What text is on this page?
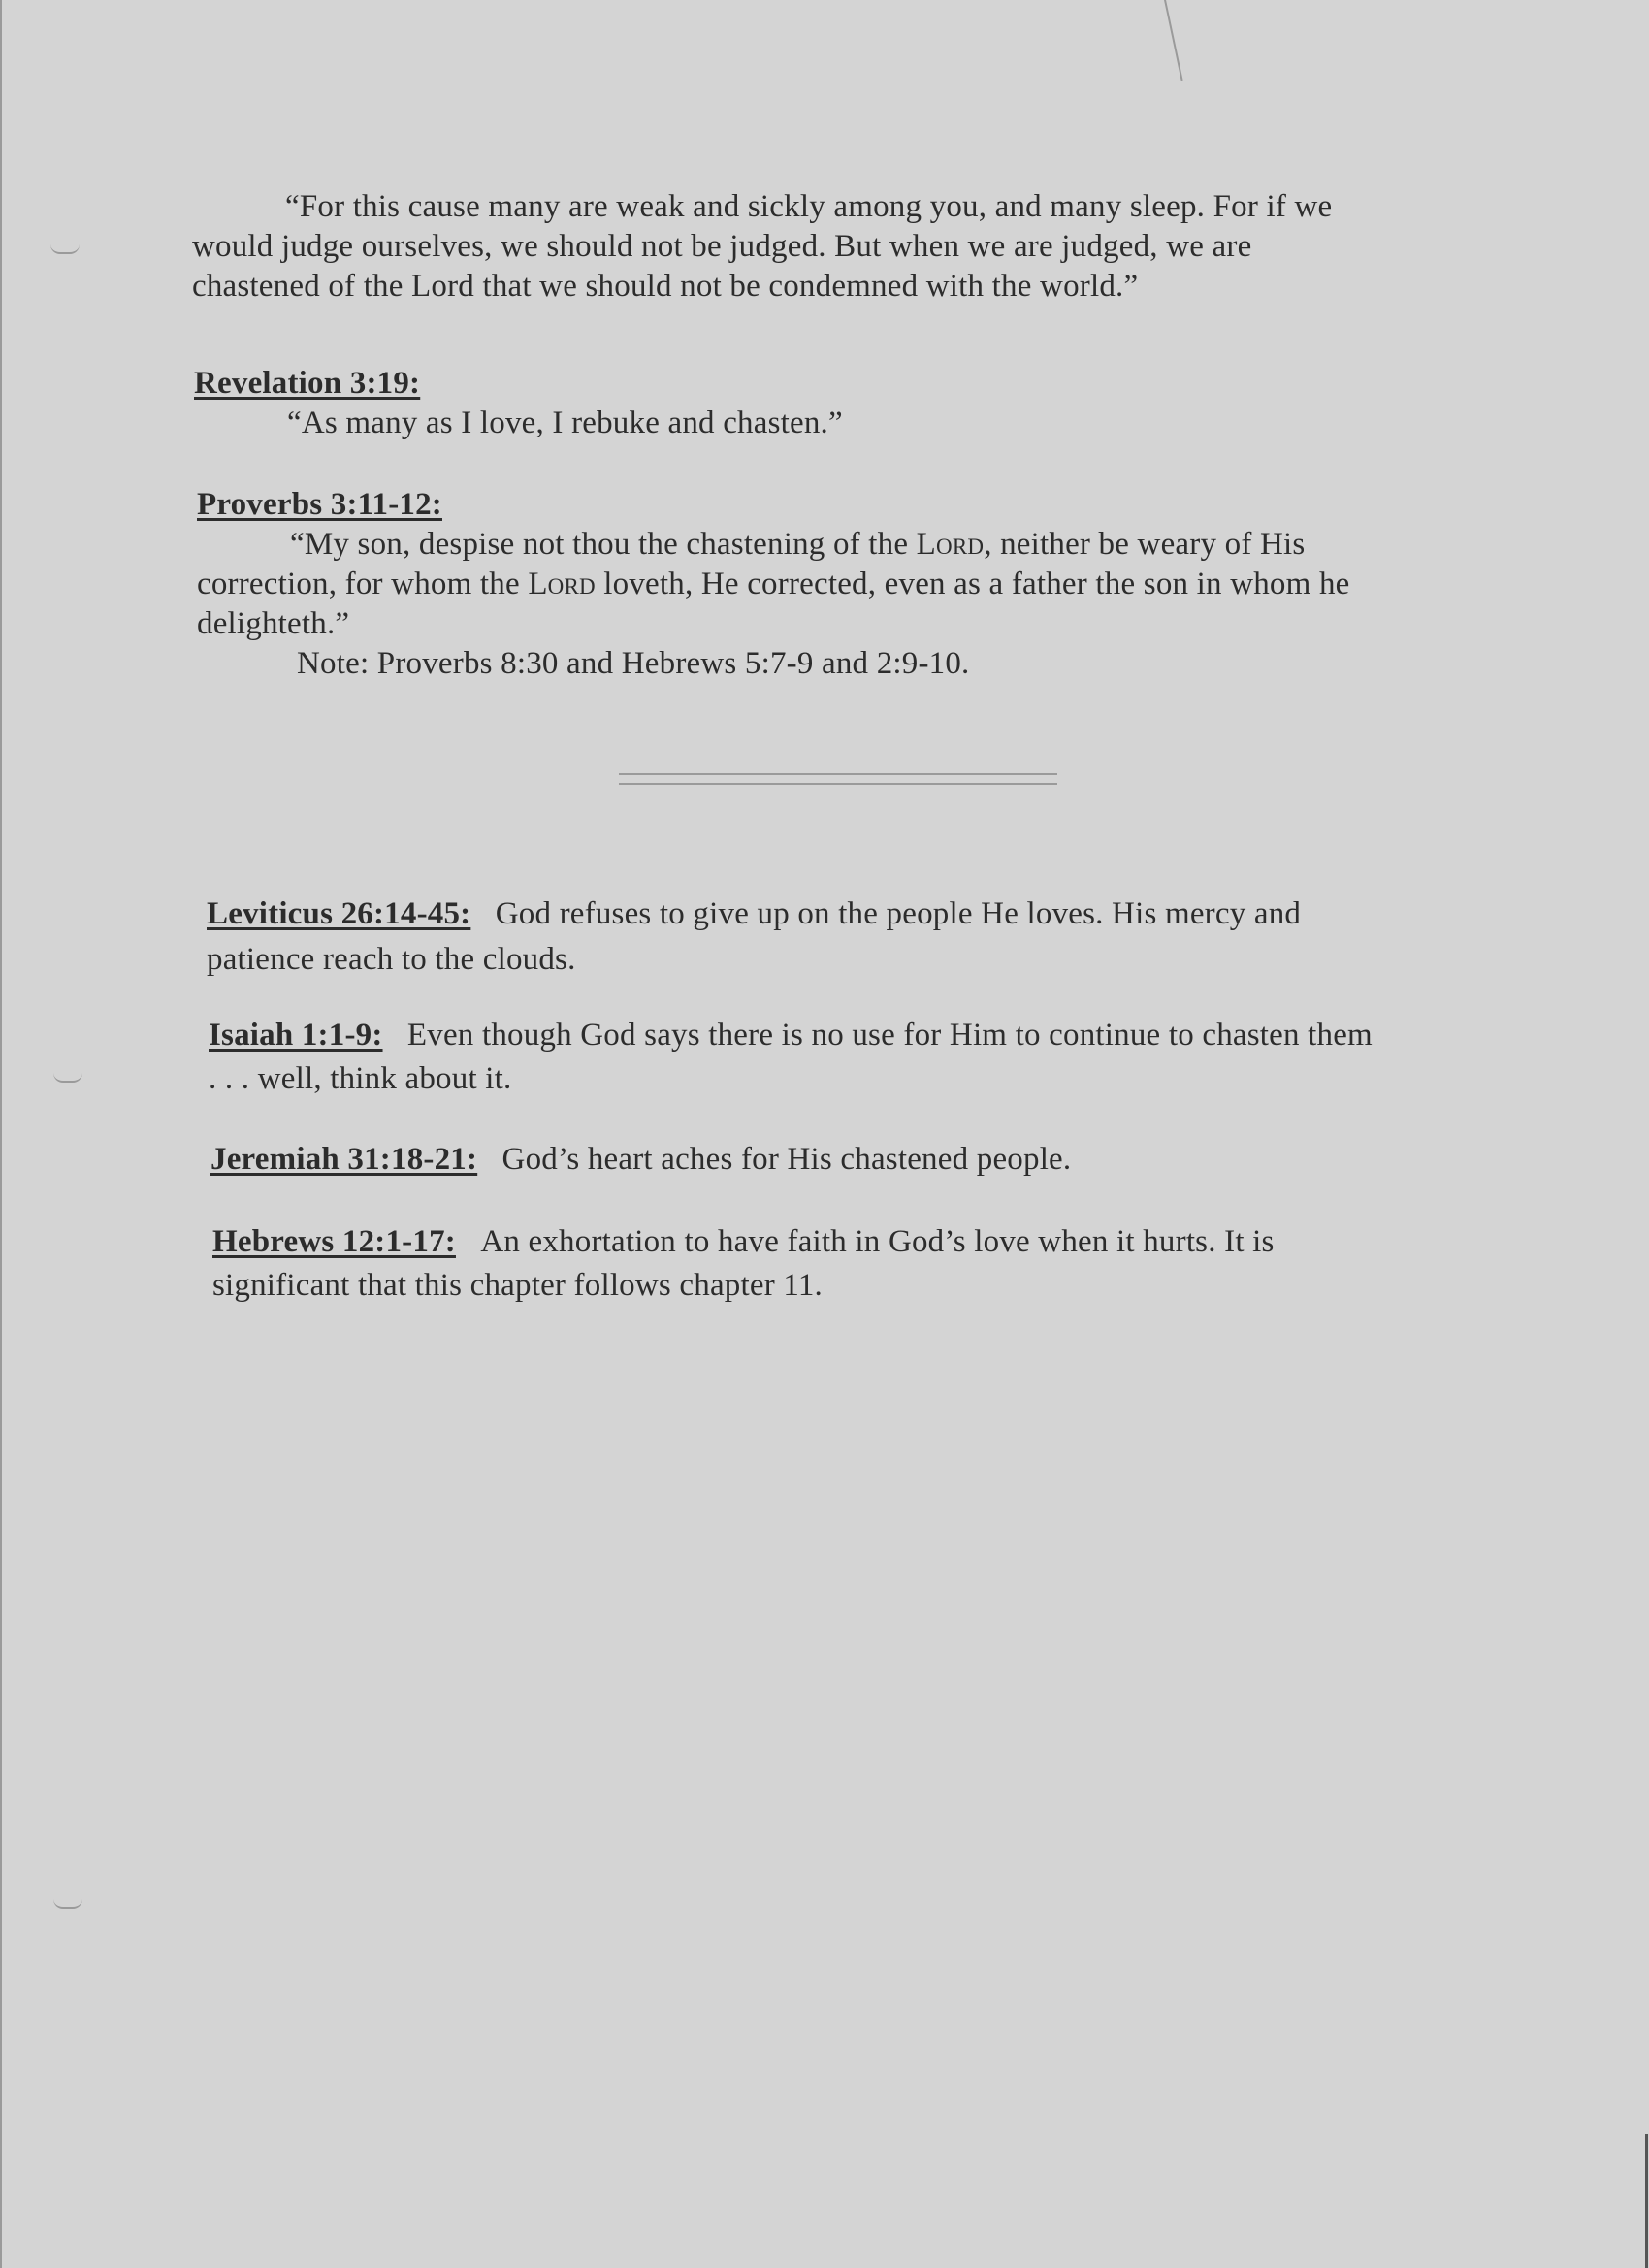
“For this cause many are weak and sickly among you, and many sleep. For if we
would judge ourselves, we should not be judged. But when we are judged, we are
chastened of the Lord that we should not be condemned with the world.”
Revelation 3:19:
“As many as I love, I rebuke and chasten.”
Proverbs 3:11-12:
“My son, despise not thou the chastening of the Lord, neither be weary of His
correction, for whom the Lord loveth, He corrected, even as a father the son in whom he
delighteth.”
Note: Proverbs 8:30 and Hebrews 5:7-9 and 2:9-10.
Leviticus 26:14-45: God refuses to give up on the people He loves. His mercy and
patience reach to the clouds.
Isaiah 1:1-9: Even though God says there is no use for Him to continue to chasten them
. . . well, think about it.
Jeremiah 31:18-21: God’s heart aches for His chastened people.
Hebrews 12:1-17: An exhortation to have faith in God’s love when it hurts. It is
significant that this chapter follows chapter 11.
